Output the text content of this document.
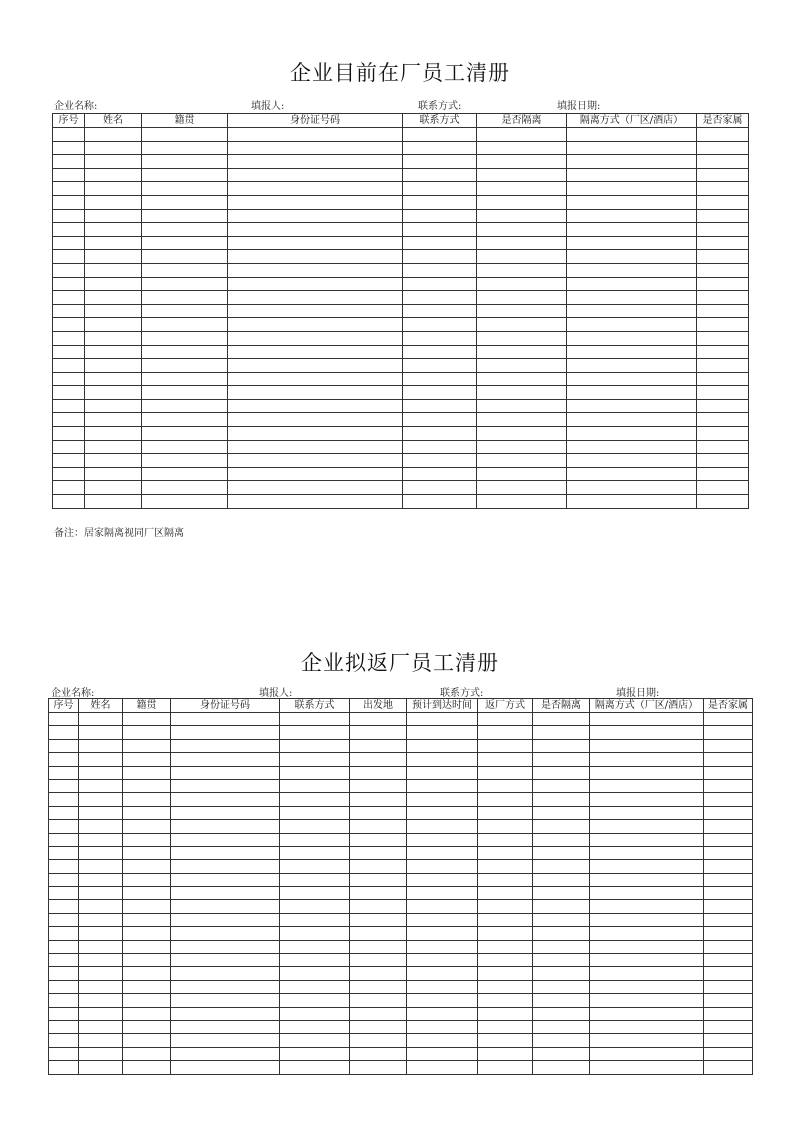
企业目前在厂员工清册
企业名称:	填报人:	联系方式:	填报日期:
序号	姓名	籍贯	身份证号码	联系方式	是否隔离	隔离方式（厂区/酒店）	是否家属

备注：居家隔离视同厂区隔离
企业拟返厂员工清册
企业名称:	填报人:	联系方式:	填报日期:
序号	姓名	籍贯	身份证号码	联系方式	出发地	预计到达时间	返厂方式	是否隔离	隔离方式（厂区/酒店）	是否家属
